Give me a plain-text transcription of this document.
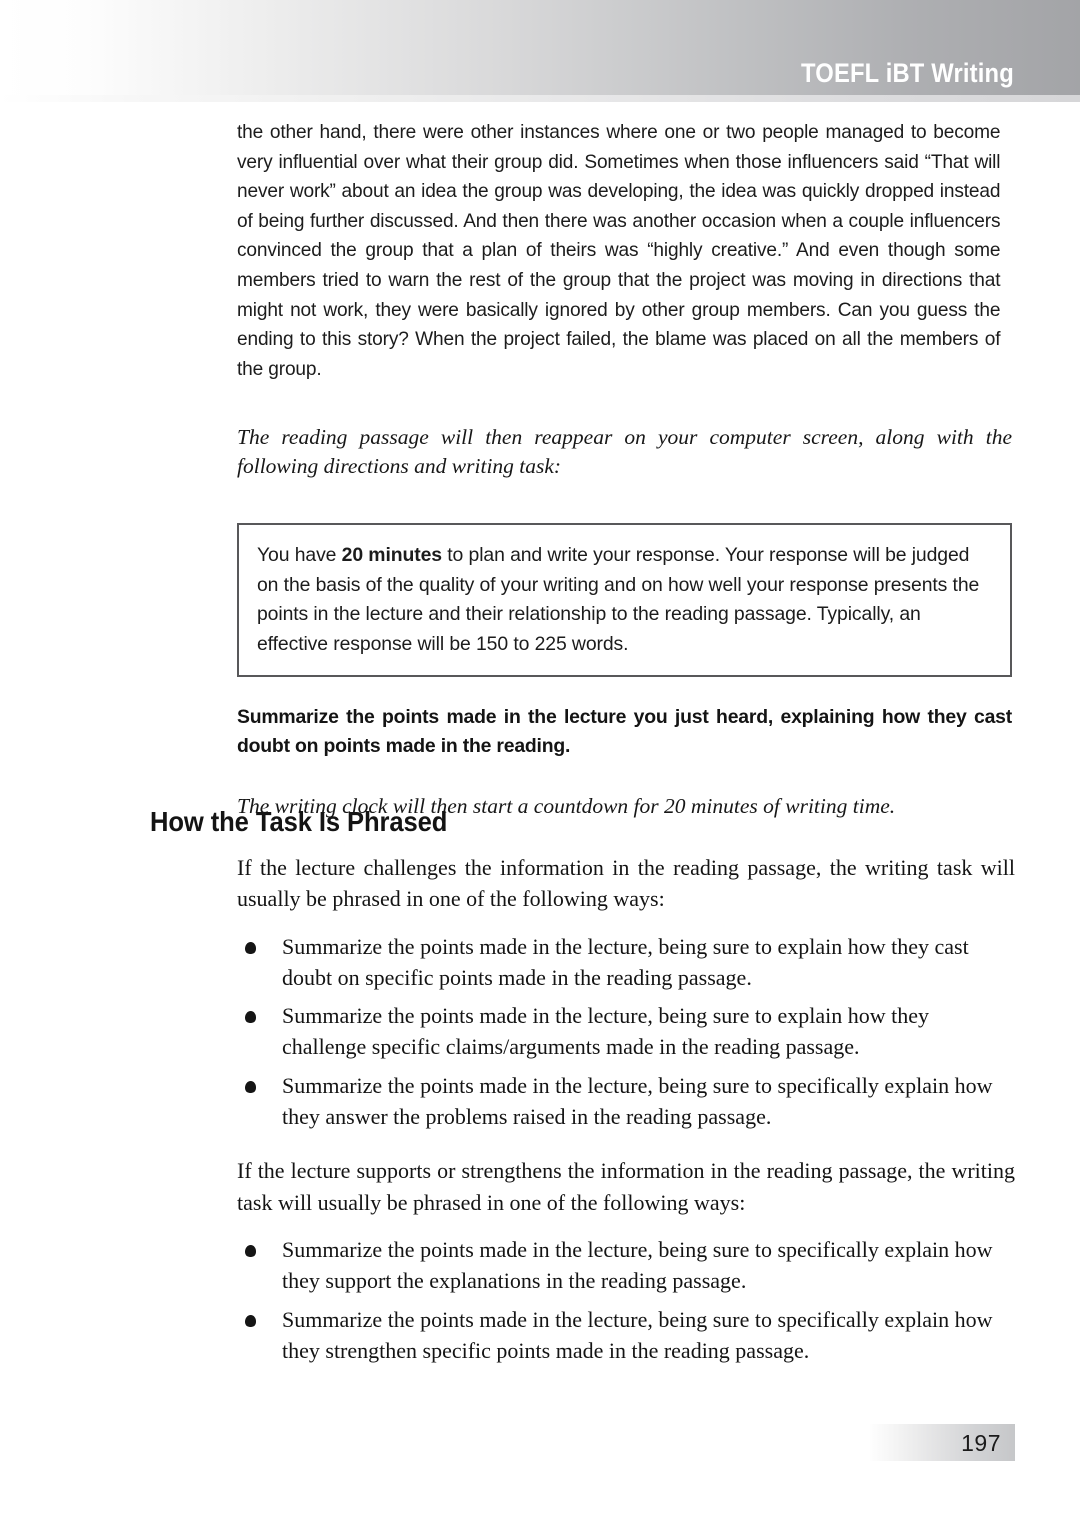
TOEFL iBT Writing

the other hand, there were other instances where one or two people managed to become very influential over what their group did. Sometimes when those influencers said “That will never work” about an idea the group was developing, the idea was quickly dropped instead of being further discussed. And then there was another occasion when a couple influencers convinced the group that a plan of theirs was “highly creative.” And even though some members tried to warn the rest of the group that the project was moving in directions that might not work, they were basically ignored by other group members. Can you guess the ending to this story? When the project failed, the blame was placed on all the members of the group.

The reading passage will then reappear on your computer screen, along with the following directions and writing task:

You have 20 minutes to plan and write your response. Your response will be judged on the basis of the quality of your writing and on how well your response presents the points in the lecture and their relationship to the reading passage. Typically, an effective response will be 150 to 225 words.

Summarize the points made in the lecture you just heard, explaining how they cast doubt on points made in the reading.

The writing clock will then start a countdown for 20 minutes of writing time.

How the Task Is Phrased

If the lecture challenges the information in the reading passage, the writing task will usually be phrased in one of the following ways:

Summarize the points made in the lecture, being sure to explain how they cast doubt on specific points made in the reading passage.
Summarize the points made in the lecture, being sure to explain how they challenge specific claims/arguments made in the reading passage.
Summarize the points made in the lecture, being sure to specifically explain how they answer the problems raised in the reading passage.

If the lecture supports or strengthens the information in the reading passage, the writing task will usually be phrased in one of the following ways:

Summarize the points made in the lecture, being sure to specifically explain how they support the explanations in the reading passage.
Summarize the points made in the lecture, being sure to specifically explain how they strengthen specific points made in the reading passage.
197
